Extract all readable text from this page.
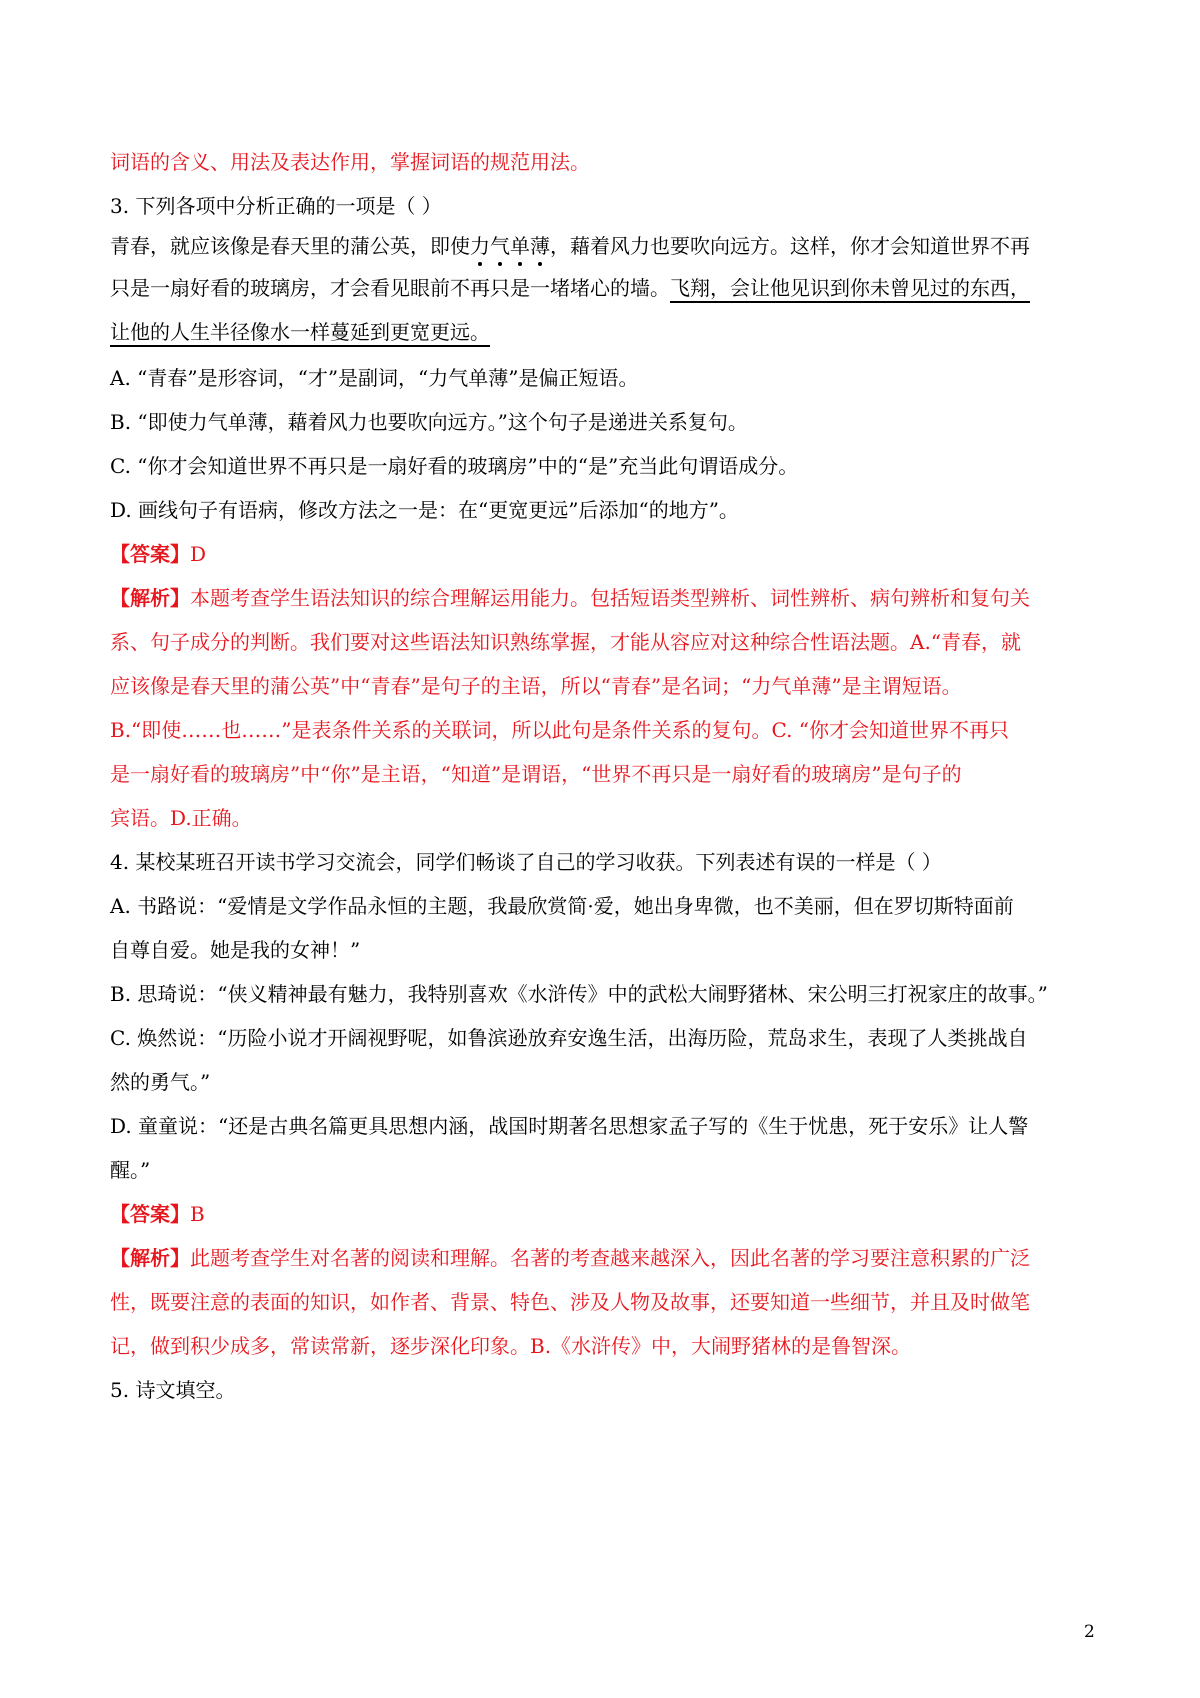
词语的含义、用法及表达作用，掌握词语的规范用法。
3. 下列各项中分析正确的一项是（ ）
青春，就应该像是春天里的蒲公英，即使力气单薄，藉着风力也要吹向远方。这样，你才会知道世界不再
只是一扇好看的玻璃房，才会看见眼前不再只是一堵堵心的墙。飞翔，会让他见识到你未曾见过的东西，
让他的人生半径像水一样蔓延到更宽更远。
A. “青春”是形容词，“才”是副词，“力气单薄”是偏正短语。
B. “即使力气单薄，藉着风力也要吹向远方。”这个句子是递进关系复句。
C. “你才会知道世界不再只是一扇好看的玻璃房”中的“是”充当此句谓语成分。
D. 画线句子有语病，修改方法之一是：在“更宽更远”后添加“的地方”。
【答案】D
【解析】本题考查学生语法知识的综合理解运用能力。包括短语类型辨析、词性辨析、病句辨析和复句关
系、句子成分的判断。我们要对这些语法知识熟练掌握，才能从容应对这种综合性语法题。A.“青春，就
应该像是春天里的蒲公英”中“青春”是句子的主语，所以“青春”是名词；“力气单薄”是主谓短语。
B.“即使……也……”是表条件关系的关联词，所以此句是条件关系的复句。C. “你才会知道世界不再只
是一扇好看的玻璃房”中“你”是主语，“知道”是谓语，“世界不再只是一扇好看的玻璃房”是句子的
宾语。D.正确。
4. 某校某班召开读书学习交流会，同学们畅谈了自己的学习收获。下列表述有误的一样是（ ）
A. 书路说：“爱情是文学作品永恒的主题，我最欣赏简·爱，她出身卑微，也不美丽，但在罗切斯特面前
自尊自爱。她是我的女神！”
B. 思琦说：“侠义精神最有魅力，我特别喜欢《水浒传》中的武松大闹野猪林、宋公明三打祝家庄的故事。”
C. 焕然说：“历险小说才开阔视野呢，如鲁滨逊放弃安逸生活，出海历险，荒岛求生，表现了人类挑战自
然的勇气。”
D. 童童说：“还是古典名篇更具思想内涵，战国时期著名思想家孟子写的《生于忧患，死于安乐》让人警
醒。”
【答案】B
【解析】此题考查学生对名著的阅读和理解。名著的考查越来越深入，因此名著的学习要注意积累的广泛
性，既要注意的表面的知识，如作者、背景、特色、涉及人物及故事，还要知道一些细节，并且及时做笔
记，做到积少成多，常读常新，逐步深化印象。B.《水浒传》中，大闹野猪林的是鲁智深。
5. 诗文填空。
2
